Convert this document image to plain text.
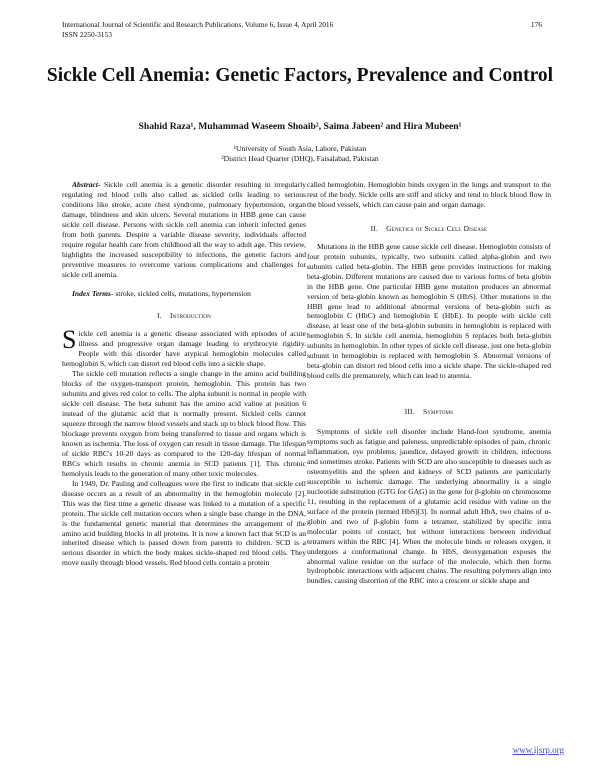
International Journal of Scientific and Research Publications, Volume 6, Issue 4, April 2016
ISSN 2250-3153
176
Sickle Cell Anemia: Genetic Factors, Prevalence and Control
Shahid Raza¹, Muhammad Waseem Shoaib², Saima Jabeen² and Hira Mubeen¹
¹University of South Asia, Lahore, Pakistan
²District Head Quarter (DHQ), Faisalabad, Pakistan

Abstract- Sickle cell anemia is a genetic disorder resulting in irregularly regulating red blood cells also called as sickled cells leading to serious conditions like stroke, acute chest syndrome, pulmonary hypertension, organ damage, blindness and skin ulcers. Several mutations in HBB gene can cause sickle cell disease. Persons with sickle cell anemia can inherit infected genes from both parents. Despite a variable disease severity, individuals affected require regular health care from childhood all the way to adult age. This review, highlights the increased susceptibility to infections, the genetic factors and preventive measures to overcome various complications and challenges for sickle cell anemia.

Index Terms- stroke, sickled cells, mutations, hypertension

I. Introduction

Sickle cell anemia is a genetic disease associated with episodes of acute illness and progressive organ damage leading to erythrocyte rigidity. People with this disorder have atypical hemoglobin molecules called hemoglobin S, which can distort red blood cells into a sickle shape.

The sickle cell mutation reflects a single change in the amino acid building blocks of the oxygen-transport protein, hemoglobin. This protein has two subunits and gives red color to cells. The alpha subunit is normal in people with sickle cell disease. The beta subunit has the amino acid valine at position 6 instead of the glutamic acid that is normally present. Sickled cells cannot squeeze through the narrow blood vessels and stack up to block blood flow. This blockage prevents oxygen from being transferred to tissue and organs which is known as ischemia. The loss of oxygen can result in tissue damage. The lifespan of sickle RBC's 10-20 days as compared to the 120-day lifespan of normal RBCs which results in chronic anemia in SCD patients [1]. This chronic hemolysis leads to the generation of many other toxic molecules.

In 1949, Dr. Pauling and colleagues were the first to indicate that sickle cell disease occurs as a result of an abnormality in the hemoglobin molecule [2]. This was the first time a genetic disease was linked to a mutation of a specific protein. The sickle cell mutation occurs when a single base change in the DNA, is the fundamental genetic material that determines the arrangement of the amino acid building blocks in all proteins. It is now a known fact that SCD is an inherited disease which is passed down from parents to children. SCD is a serious disorder in which the body makes sickle-shaped red blood cells. They move easily through blood vessels. Red blood cells contain a protein

called hemoglobin. Hemoglobin binds oxygen in the lungs and transport to the rest of the body. Sickle cells are stiff and sticky and tend to block blood flow in the blood vessels, which can cause pain and organ damage.

II. Genetics of Sickle Cell Disease

Mutations in the HBB gene cause sickle cell disease. Hemoglobin consists of four protein subunits, typically, two subunits called alpha-globin and two subunits called beta-globin. The HBB gene provides instructions for making beta-globin. Different mutations are caused due to various forms of beta globin in the HBB gene. One particular HBB gene mutation produces an abnormal version of beta-globin known as hemoglobin S (HbS). Other mutations in the HBB gene lead to additional abnormal versions of beta-globin such as hemoglobin C (HbC) and hemoglobin E (HbE). In people with sickle cell disease, at least one of the beta-globin subunits in hemoglobin is replaced with hemoglobin S. In sickle cell anemia, hemoglobin S replaces both beta-globin subunits in hemoglobin. In other types of sickle cell disease, just one beta-globin subunit in hemoglobin is replaced with hemoglobin S. Abnormal versions of beta-globin can distort red blood cells into a sickle shape. The sickle-shaped red blood cells die prematurely, which can lead to anemia.

III. Symptoms

Symptoms of sickle cell disorder include Hand-foot syndrome, anemia symptoms such as fatigue and paleness, unpredictable episodes of pain, chronic inflammation, eye problems, jaundice, delayed growth in children, infections and sometimes stroke. Patients with SCD are also susceptible to diseases such as osteomyelitis and the spleen and kidneys of SCD patients are particularly susceptible to ischemic damage. The underlying abnormality is a single nucleotide substitution (GTG for GAG) in the gene for β-globin on chromosome 11, resulting in the replacement of a glutamic acid residue with valine on the surface of the protein (termed HbS)[3]. In normal adult HbA, two chains of α-globin and two of β-globin form a tetramer, stabilized by specific intra molecular points of contact, but without interactions between individual tetramers within the RBC [4]. When the molecule binds or releases oxygen, it undergoes a conformational change. In HbS, deoxygenation exposes the abnormal valine residue on the surface of the molecule, which then forms hydrophobic interactions with adjacent chains. The resulting polymers align into bundles, causing distortion of the RBC into a crescent or sickle shape and

www.ijsrp.org
